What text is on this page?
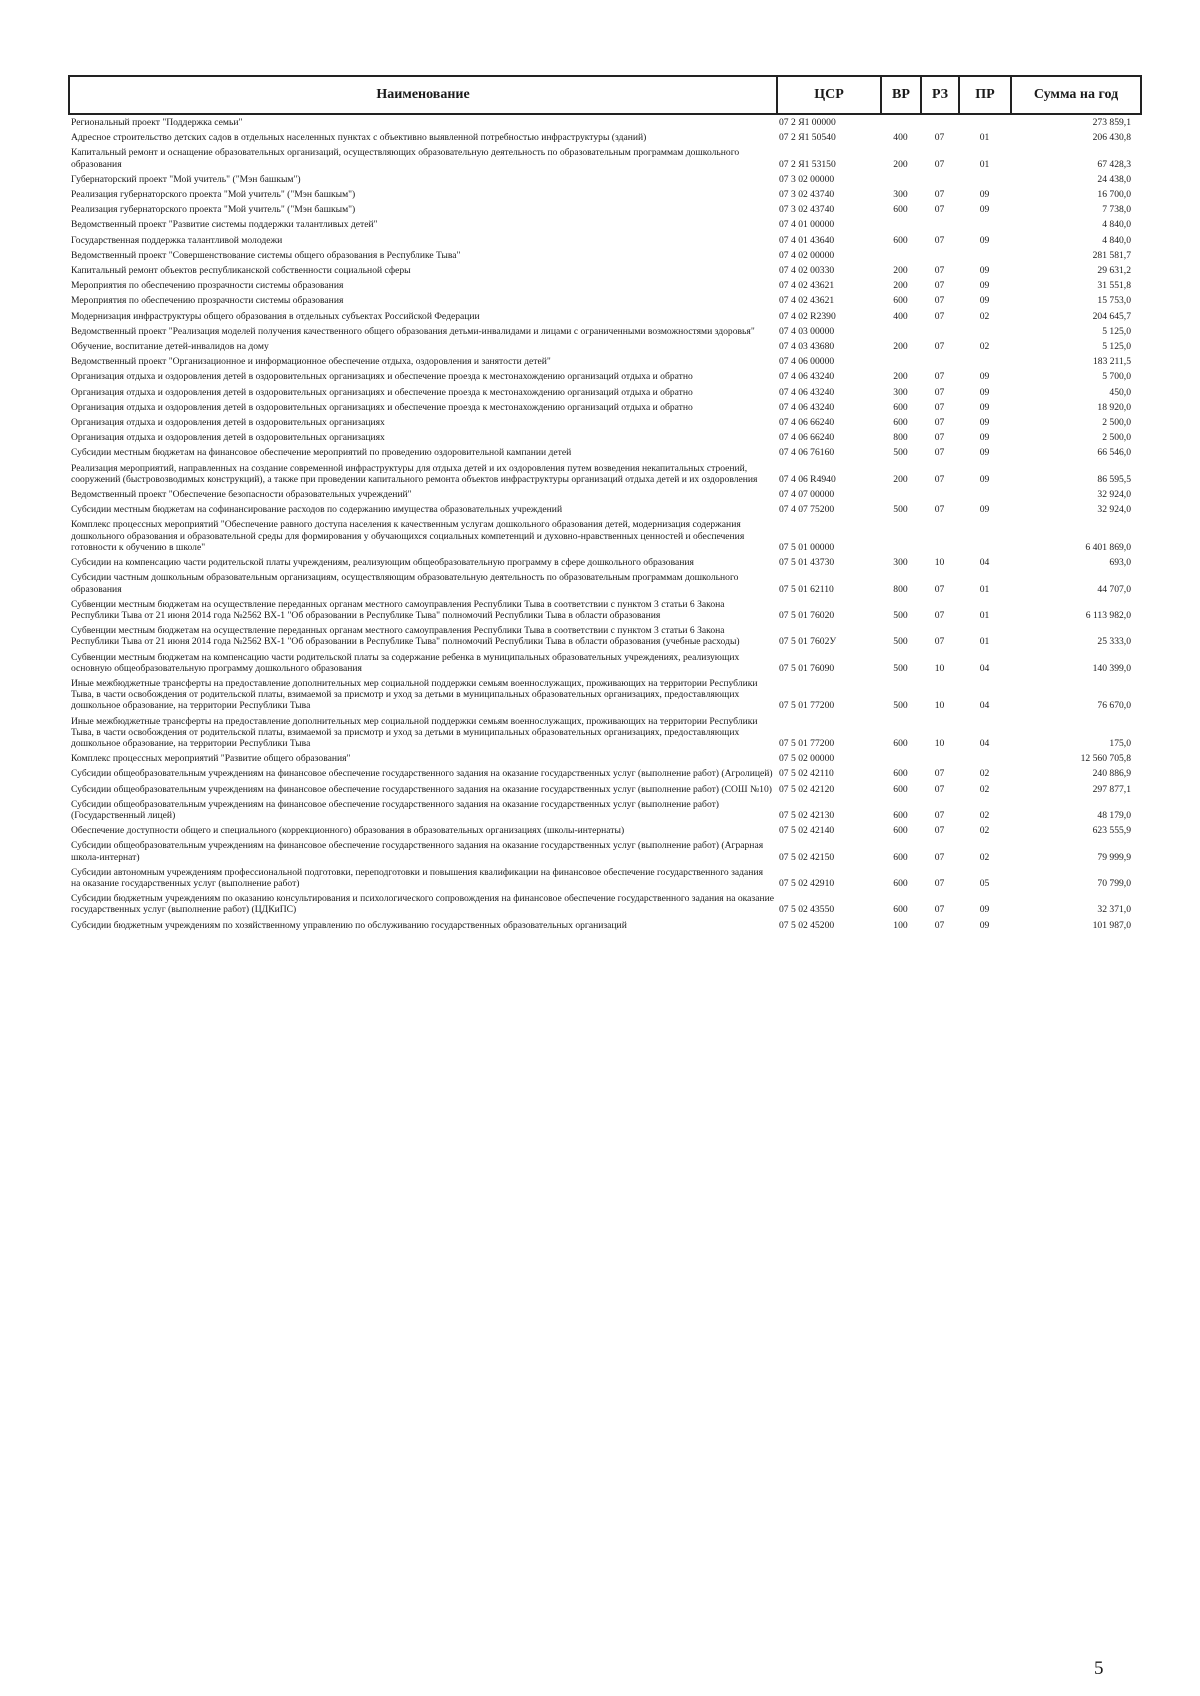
Наименование	ЦСР	ВР	РЗ	ПР	Сумма на год
Региональный проект "Поддержка семьи"	07 2 Я1 00000				273 859,1
Адресное строительство детских садов в отдельных населенных пунктах с объективно выявленной потребностью инфраструктуры (зданий)	07 2 Я1 50540	400	07	01	206 430,8
Капитальный ремонт и оснащение образовательных организаций, осуществляющих образовательную деятельность по образовательным программам дошкольного образования	07 2 Я1 53150	200	07	01	67 428,3
Губернаторский проект "Мой учитель" ("Мэн башкым")	07 3 02 00000				24 438,0
Реализация губернаторского проекта "Мой учитель" ("Мэн башкым")	07 3 02 43740	300	07	09	16 700,0
Реализация губернаторского проекта "Мой учитель" ("Мэн башкым")	07 3 02 43740	600	07	09	7 738,0
Ведомственный проект "Развитие системы поддержки талантливых детей"	07 4 01 00000				4 840,0
Государственная поддержка талантливой молодежи	07 4 01 43640	600	07	09	4 840,0
Ведомственный проект "Совершенствование системы общего образования в Республике Тыва"	07 4 02 00000				281 581,7
Капитальный ремонт объектов республиканской собственности социальной сферы	07 4 02 00330	200	07	09	29 631,2
Мероприятия по обеспечению прозрачности системы образования	07 4 02 43621	200	07	09	31 551,8
Мероприятия по обеспечению прозрачности системы образования	07 4 02 43621	600	07	09	15 753,0
Модернизация инфраструктуры общего образования в отдельных субъектах Российской Федерации	07 4 02 R2390	400	07	02	204 645,7
Ведомственный проект "Реализация моделей получения качественного общего образования детьми-инвалидами и лицами с ограниченными возможностями здоровья"	07 4 03 00000				5 125,0
Обучение, воспитание детей-инвалидов на дому	07 4 03 43680	200	07	02	5 125,0
Ведомственный проект "Организационное и информационное обеспечение отдыха, оздоровления и занятости детей"	07 4 06 00000				183 211,5
Организация отдыха и оздоровления детей в оздоровительных организациях и обеспечение проезда к местонахождению организаций отдыха и обратно	07 4 06 43240	200	07	09	5 700,0
Организация отдыха и оздоровления детей в оздоровительных организациях и обеспечение проезда к местонахождению организаций отдыха и обратно	07 4 06 43240	300	07	09	450,0
Организация отдыха и оздоровления детей в оздоровительных организациях и обеспечение проезда к местонахождению организаций отдыха и обратно	07 4 06 43240	600	07	09	18 920,0
Организация отдыха и оздоровления детей в оздоровительных организациях	07 4 06 66240	600	07	09	2 500,0
Организация отдыха и оздоровления детей в оздоровительных организациях	07 4 06 66240	800	07	09	2 500,0
Субсидии местным бюджетам на финансовое обеспечение мероприятий по проведению оздоровительной кампании детей	07 4 06 76160	500	07	09	66 546,0
Реализация мероприятий, направленных на создание современной инфраструктуры для отдыха детей и их оздоровления путем возведения некапитальных строений, сооружений (быстровозводимых конструкций), а также при проведении капитального ремонта объектов инфраструктуры организаций отдыха детей и их оздоровления	07 4 06 R4940	200	07	09	86 595,5
Ведомственный проект "Обеспечение безопасности образовательных учреждений"	07 4 07 00000				32 924,0
Субсидии местным бюджетам на софинансирование расходов по содержанию имущества образовательных учреждений	07 4 07 75200	500	07	09	32 924,0
Комплекс процессных мероприятий "Обеспечение равного доступа населения к качественным услугам дошкольного образования детей, модернизация содержания дошкольного образования и образовательной среды для формирования у обучающихся социальных компетенций и духовно-нравственных ценностей и обеспечения готовности к обучению в школе"	07 5 01 00000				6 401 869,0
Субсидии на компенсацию части родительской платы учреждениям, реализующим общеобразовательную программу в сфере дошкольного образования	07 5 01 43730	300	10	04	693,0
Субсидии частным дошкольным образовательным организациям, осуществляющим образовательную деятельность по образовательным программам дошкольного образования	07 5 01 62110	800	07	01	44 707,0
Субвенции местным бюджетам на осуществление переданных органам местного самоуправления Республики Тыва в соответствии с пунктом 3 статьи 6 Закона Республики Тыва от 21 июня 2014 года №2562 ВХ-1 "Об образовании в Республике Тыва" полномочий Республики Тыва в области образования	07 5 01 76020	500	07	01	6 113 982,0
Субвенции местным бюджетам на осуществление переданных органам местного самоуправления Республики Тыва в соответствии с пунктом 3 статьи 6 Закона Республики Тыва от 21 июня 2014 года №2562 ВХ-1 "Об образовании в Республике Тыва" полномочий Республики Тыва в области образования (учебные расходы)	07 5 01 7602У	500	07	01	25 333,0
Субвенции местным бюджетам на компенсацию части родительской платы за содержание ребенка в муниципальных образовательных учреждениях, реализующих основную общеобразовательную программу дошкольного образования	07 5 01 76090	500	10	04	140 399,0
Иные межбюджетные трансферты на предоставление дополнительных мер социальной поддержки семьям военнослужащих, проживающих на территории Республики Тыва, в части освобождения от родительской платы, взимаемой за присмотр и уход за детьми в муниципальных образовательных организациях, предоставляющих дошкольное образование, на территории Республики Тыва	07 5 01 77200	500	10	04	76 670,0
Иные межбюджетные трансферты на предоставление дополнительных мер социальной поддержки семьям военнослужащих, проживающих на территории Республики Тыва, в части освобождения от родительской платы, взимаемой за присмотр и уход за детьми в муниципальных образовательных организациях, предоставляющих дошкольное образование, на территории Республики Тыва	07 5 01 77200	600	10	04	175,0
Комплекс процессных мероприятий "Развитие общего образования"	07 5 02 00000				12 560 705,8
Субсидии общеобразовательным учреждениям на финансовое обеспечение государственного задания на оказание государственных услуг (выполнение работ) (Агролицей)	07 5 02 42110	600	07	02	240 886,9
Субсидии общеобразовательным учреждениям на финансовое обеспечение государственного задания на оказание государственных услуг (выполнение работ) (СОШ №10)	07 5 02 42120	600	07	02	297 877,1
Субсидии общеобразовательным учреждениям на финансовое обеспечение государственного задания на оказание государственных услуг (выполнение работ) (Государственный лицей)	07 5 02 42130	600	07	02	48 179,0
Обеспечение доступности общего и специального (коррекционного) образования в образовательных организациях (школы-интернаты)	07 5 02 42140	600	07	02	623 555,9
Субсидии общеобразовательным учреждениям на финансовое обеспечение государственного задания на оказание государственных услуг (выполнение работ) (Аграрная школа-интернат)	07 5 02 42150	600	07	02	79 999,9
Субсидии автономным учреждениям профессиональной подготовки, переподготовки и повышения квалификации на финансовое обеспечение государственного задания на оказание государственных услуг (выполнение работ)	07 5 02 42910	600	07	05	70 799,0
Субсидии бюджетным учреждениям по оказанию консультирования и психологического сопровождения на финансовое обеспечение государственного задания на оказание государственных услуг (выполнение работ) (ЦДКиПС)	07 5 02 43550	600	07	09	32 371,0
Субсидии бюджетным учреждениям по хозяйственному управлению по обслуживанию государственных образовательных организаций	07 5 02 45200	100	07	09	101 987,0
5
